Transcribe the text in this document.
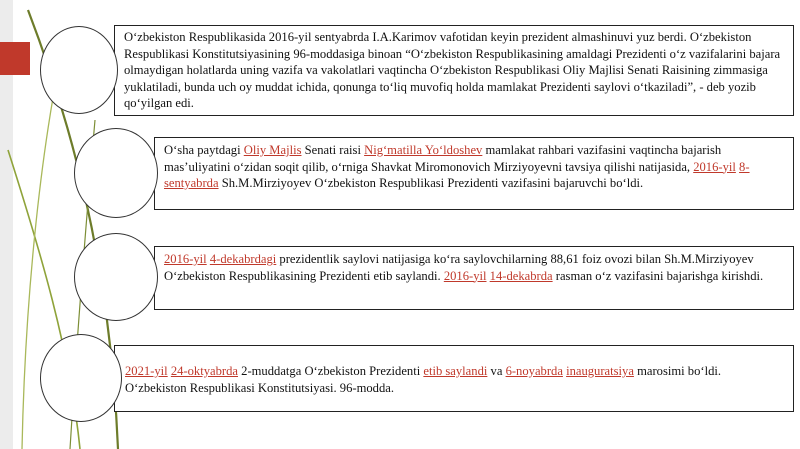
O‘zbekiston Respublikasida 2016-yil sentyabrda I.A.Karimov vafotidan keyin prezident almashinuvi yuz berdi. O‘zbekiston Respublikasi Konstitutsiyasining 96-moddasiga binoan “O‘zbekiston Respublikasining amaldagi Prezidenti o‘z vazifalarini bajara olmaydigan holatlarda uning vazifa va vakolatlari vaqtincha O‘zbekiston Respublikasi Oliy Majlisi Senati Raisining zimmasiga yuklatiladi, bunda uch oy muddat ichida, qonunga to‘liq muvofiq holda mamlakat Prezidenti saylovi o‘tkaziladi”, - deb yozib qo‘yilgan edi.

O‘sha paytdagi Oliy Majlis Senati raisi Nig‘matilla Yo‘ldoshev mamlakat rahbari vazifasini vaqtincha bajarish mas’uliyatini o‘zidan soqit qilib, o‘rniga Shavkat Miromonovich Mirziyoyevni tavsiya qilishi natijasida, 2016-yil 8-sentyabrda Sh.M.Mirziyoyev O‘zbekiston Respublikasi Prezidenti vazifasini bajaruvchi bo‘ldi.

2016-yil 4-dekabrdagi prezidentlik saylovi natijasiga ko‘ra saylovchilarning 88,61 foiz ovozi bilan Sh.M.Mirziyoyev O‘zbekiston Respublikasining Prezidenti etib saylandi. 2016-yil 14-dekabrda rasman o‘z vazifasini bajarishga kirishdi.

2021-yil 24-oktyabrda 2-muddatga O‘zbekiston Prezidenti etib saylandi va 6-noyabrda inauguratsiya marosimi bo‘ldi. O‘zbekiston Respublikasi Konstitutsiyasi. 96-modda.
